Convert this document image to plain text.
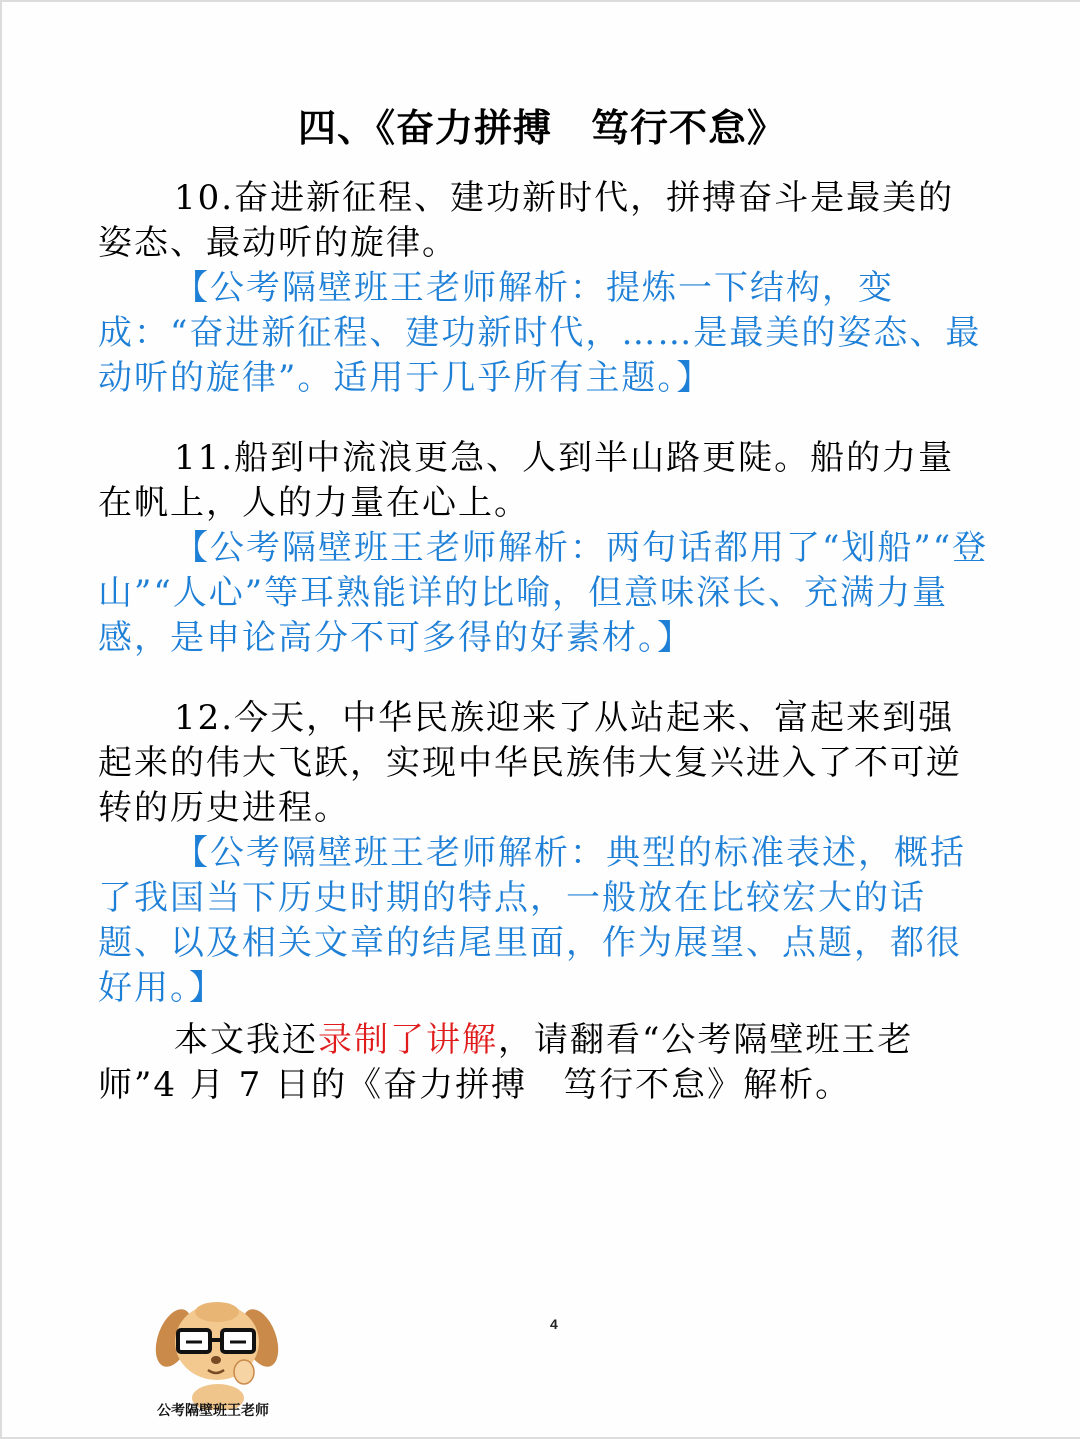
四、《奋力拼搏　笃行不怠》
10.奋进新征程、建功新时代，拼搏奋斗是最美的姿态、最动听的旋律。
【公考隔壁班王老师解析：提炼一下结构，变成：“奋进新征程、建功新时代，……是最美的姿态、最动听的旋律”。适用于几乎所有主题。】
11.船到中流浪更急、人到半山路更陡。船的力量在帆上，人的力量在心上。
【公考隔壁班王老师解析：两句话都用了“划船”“登山”“人心”等耳熟能详的比喻，但意味深长、充满力量感，是申论高分不可多得的好素材。】
12.今天，中华民族迎来了从站起来、富起来到强起来的伟大飞跃，实现中华民族伟大复兴进入了不可逆转的历史进程。
【公考隔壁班王老师解析：典型的标准表述，概括了我国当下历史时期的特点，一般放在比较宏大的话题、以及相关文章的结尾里面，作为展望、点题，都很好用。】
本文我还录制了讲解，请翻看“公考隔壁班王老师”4 月 7 日的《奋力拼搏　笃行不怠》解析。
4
公考隔壁班王老师
